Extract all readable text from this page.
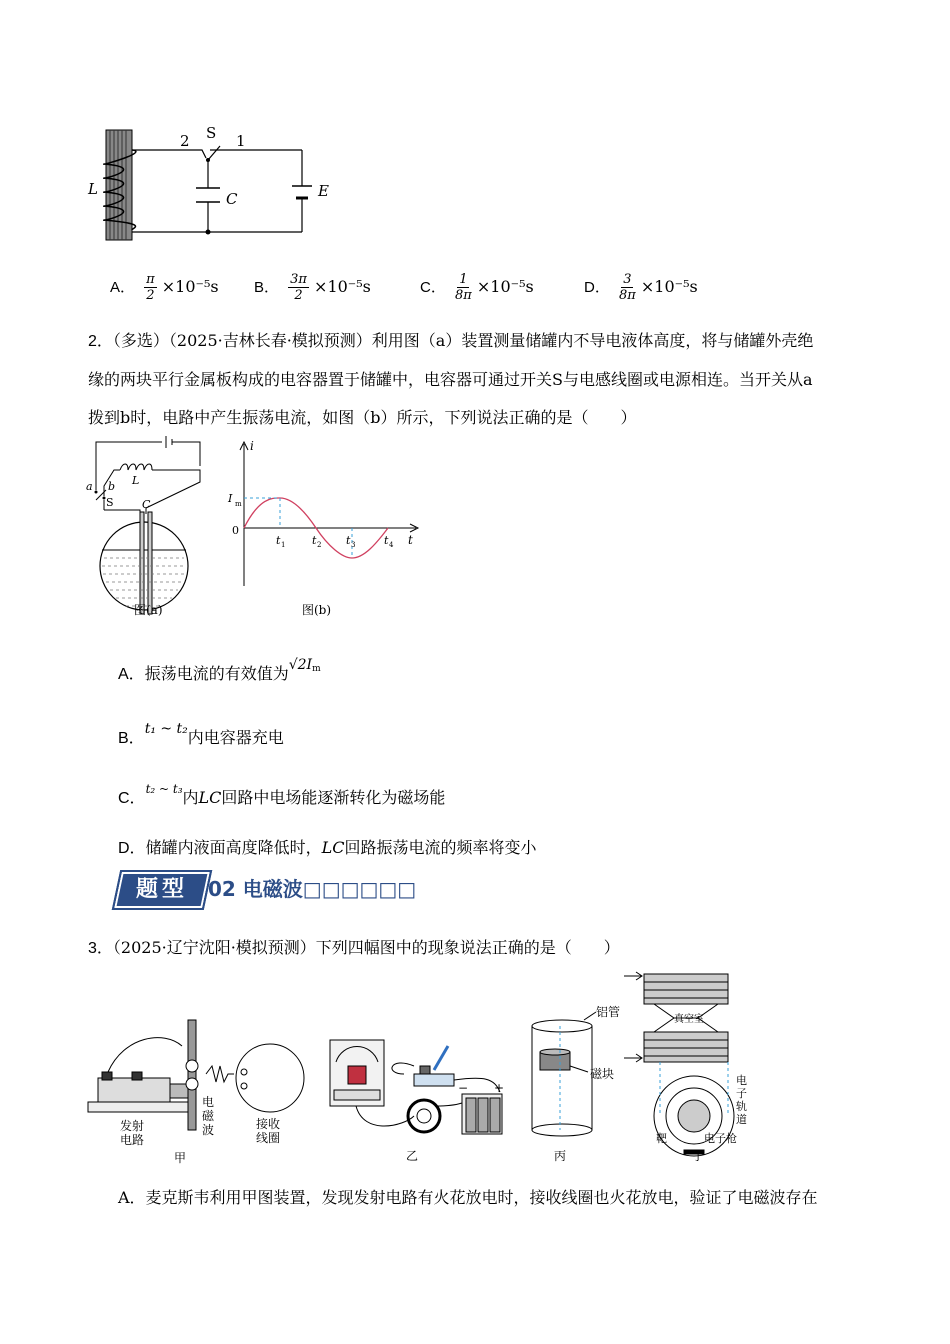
L
2 S 1
C	E
A． $\frac{\pi}{2} \times 10^{-5}s$ B． $\frac{3\pi}{2} \times 10^{-5}s$	C． $\frac{1}{8\pi} \times 10^{-5}s$	D． $\frac{3}{8\pi} \times 10^{-5}s$
2．（多选）（2025·吉林长春·模拟预测）利用图（a）装置测量储罐内不导电液体高度，将与储罐外壳绝
缘的两块平行金属板构成的电容器置于储罐中，电容器可通过开关S与电感线圈或电源相连。当开关从a
拨到b时，电路中产生振荡电流，如图（b）所示，下列说法正确的是（　　）
a b
S	C
L
图(a)
i
I m
0
t 1 t 2 t 3	t 4 t
图(b)
A．振荡电流的有效值为$√2I^m$
B．t₁ ~ t₂内电容器充电
C．$^{t_2 \sim t_3}$内LC回路中电场能逐渐转化为磁场能
D．储罐内液面高度降低时，LC回路振荡电流的频率将变小
题型	02 电磁波□□□□□□
3．（2025·辽宁沈阳·模拟预测）下列四幅图中的现象说法正确的是（　　）
发射
电路
电
磁
波	接收
线圈
甲
− +
乙
铝管
磁块
丙
真空室
电
子
轨
道
靶	电子枪
丁
A．麦克斯韦利用甲图装置，发现发射电路有火花放电时，接收线圈也火花放电，验证了电磁波存在
